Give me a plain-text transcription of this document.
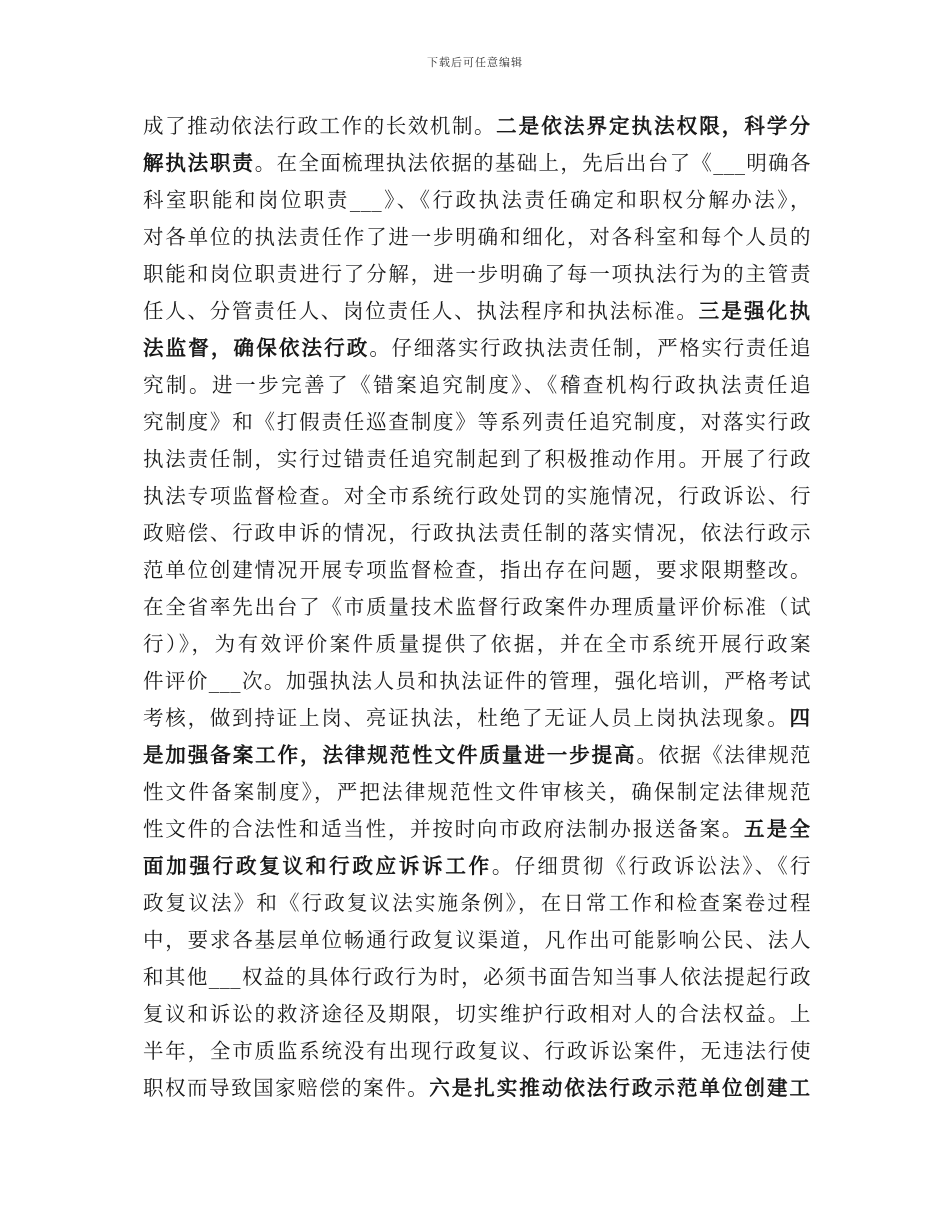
下载后可任意编辑
成了推动依法行政工作的长效机制。二是依法界定执法权限，科学分
解执法职责。在全面梳理执法依据的基础上，先后出台了《___明确各
科室职能和岗位职责___》、《行政执法责任确定和职权分解办法》，
对各单位的执法责任作了进一步明确和细化，对各科室和每个人员的
职能和岗位职责进行了分解，进一步明确了每一项执法行为的主管责
任人、分管责任人、岗位责任人、执法程序和执法标准。三是强化执
法监督，确保依法行政。仔细落实行政执法责任制，严格实行责任追
究制。进一步完善了《错案追究制度》、《稽查机构行政执法责任追
究制度》和《打假责任巡查制度》等系列责任追究制度，对落实行政
执法责任制，实行过错责任追究制起到了积极推动作用。开展了行政
执法专项监督检查。对全市系统行政处罚的实施情况，行政诉讼、行
政赔偿、行政申诉的情况，行政执法责任制的落实情况，依法行政示
范单位创建情况开展专项监督检查，指出存在问题，要求限期整改。
在全省率先出台了《市质量技术监督行政案件办理质量评价标准（试
行）》，为有效评价案件质量提供了依据，并在全市系统开展行政案
件评价___次。加强执法人员和执法证件的管理，强化培训，严格考试
考核，做到持证上岗、亮证执法，杜绝了无证人员上岗执法现象。四
是加强备案工作，法律规范性文件质量进一步提高。依据《法律规范
性文件备案制度》，严把法律规范性文件审核关，确保制定法律规范
性文件的合法性和适当性，并按时向市政府法制办报送备案。五是全
面加强行政复议和行政应诉诉工作。仔细贯彻《行政诉讼法》、《行
政复议法》和《行政复议法实施条例》，在日常工作和检查案卷过程
中，要求各基层单位畅通行政复议渠道，凡作出可能影响公民、法人
和其他___权益的具体行政行为时，必须书面告知当事人依法提起行政
复议和诉讼的救济途径及期限，切实维护行政相对人的合法权益。上
半年，全市质监系统没有出现行政复议、行政诉讼案件，无违法行使
职权而导致国家赔偿的案件。六是扎实推动依法行政示范单位创建工
